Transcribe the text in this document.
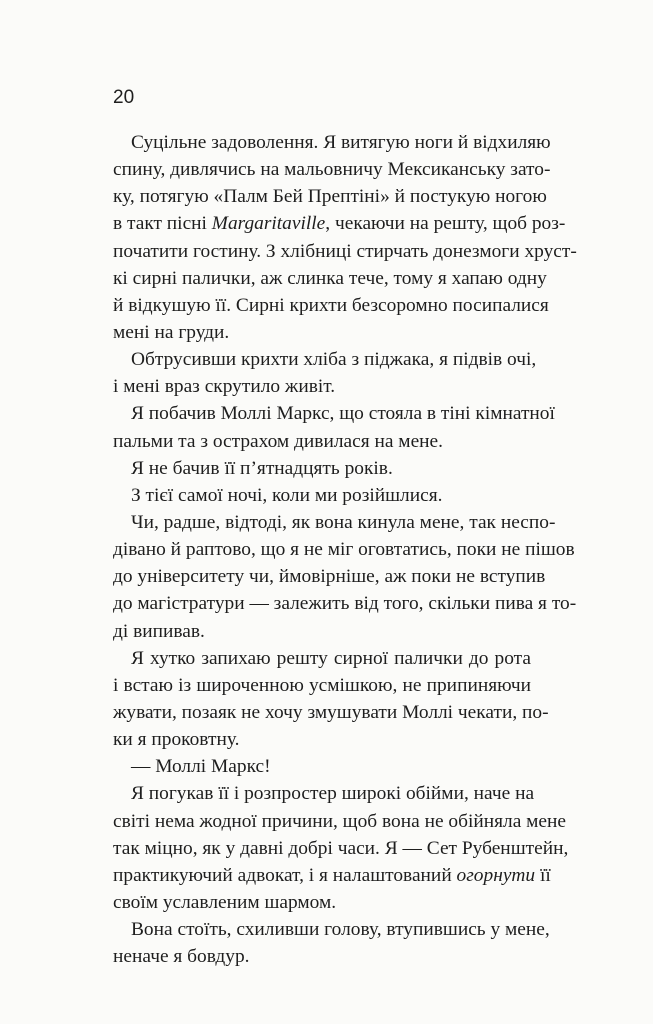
20
Суцільне задоволення. Я витягую ноги й відхиляю
спину, дивлячись на мальовничу Мексиканську зато-
ку, потягую «Палм Бей Прептіні» й постукую ногою
в такт пісні Margaritaville, чекаючи на решту, щоб роз-
початити гостину. З хлібниці стирчать донезмоги хруст-
кі сирні палички, аж слинка тече, тому я хапаю одну
й відкушую її. Сирні крихти безсоромно посипалися
мені на груди.
Обтрусивши крихти хліба з піджака, я підвів очі,
і мені враз скрутило живіт.
Я побачив Моллі Маркс, що стояла в тіні кімнатної
пальми та з острахом дивилася на мене.
Я не бачив її п’ятнадцять років.
З тієї самої ночі, коли ми розійшлися.
Чи, радше, відтоді, як вона кинула мене, так неспо-
дівано й раптово, що я не міг оговтатись, поки не пішов
до університету чи, ймовірніше, аж поки не вступив
до магістратури — залежить від того, скільки пива я то-
ді випивав.
Я хутко запихаю решту сирної палички до рота
і встаю із широченною усмішкою, не припиняючи
жувати, позаяк не хочу змушувати Моллі чекати, по-
ки я проковтну.
— Моллі Маркс!
Я погукав її і розпростер широкі обійми, наче на
світі нема жодної причини, щоб вона не обійняла мене
так міцно, як у давні добрі часи. Я — Сет Рубенштейн,
практикуючий адвокат, і я налаштований огорнути її
своїм уславленим шармом.
Вона стоїть, схиливши голову, втупившись у мене,
неначе я бовдур.
